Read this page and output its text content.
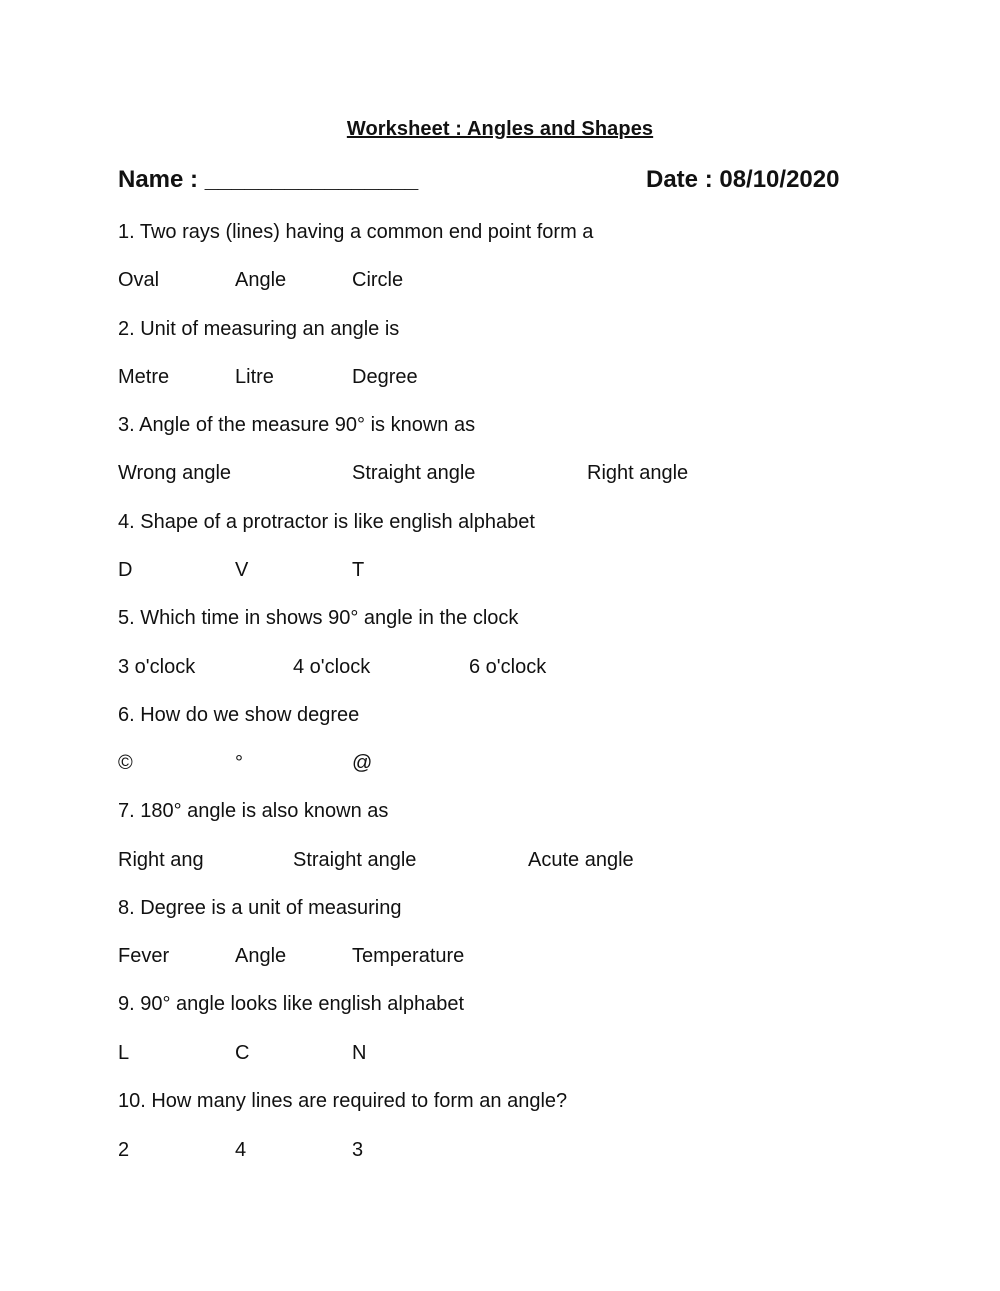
Worksheet : Angles and Shapes
Name : ________________	Date : 08/10/2020
1. Two rays (lines) having a common end point form a
Oval	Angle	Circle
2. Unit of measuring an angle is
Metre	Litre	Degree
3. Angle of the measure 90° is known as
Wrong angle	Straight angle	Right angle
4. Shape of a protractor is like english alphabet
D	V	T
5. Which time in shows 90° angle in the clock
3 o'clock	4 o'clock	6 o'clock
6. How do we show degree
©	°	@
7. 180° angle is also known as
Right ang	Straight angle	Acute angle
8. Degree is a unit of measuring
Fever	Angle	Temperature
9. 90° angle looks like english alphabet
L	C	N
10. How many lines are required to form an angle?
2	4	3
